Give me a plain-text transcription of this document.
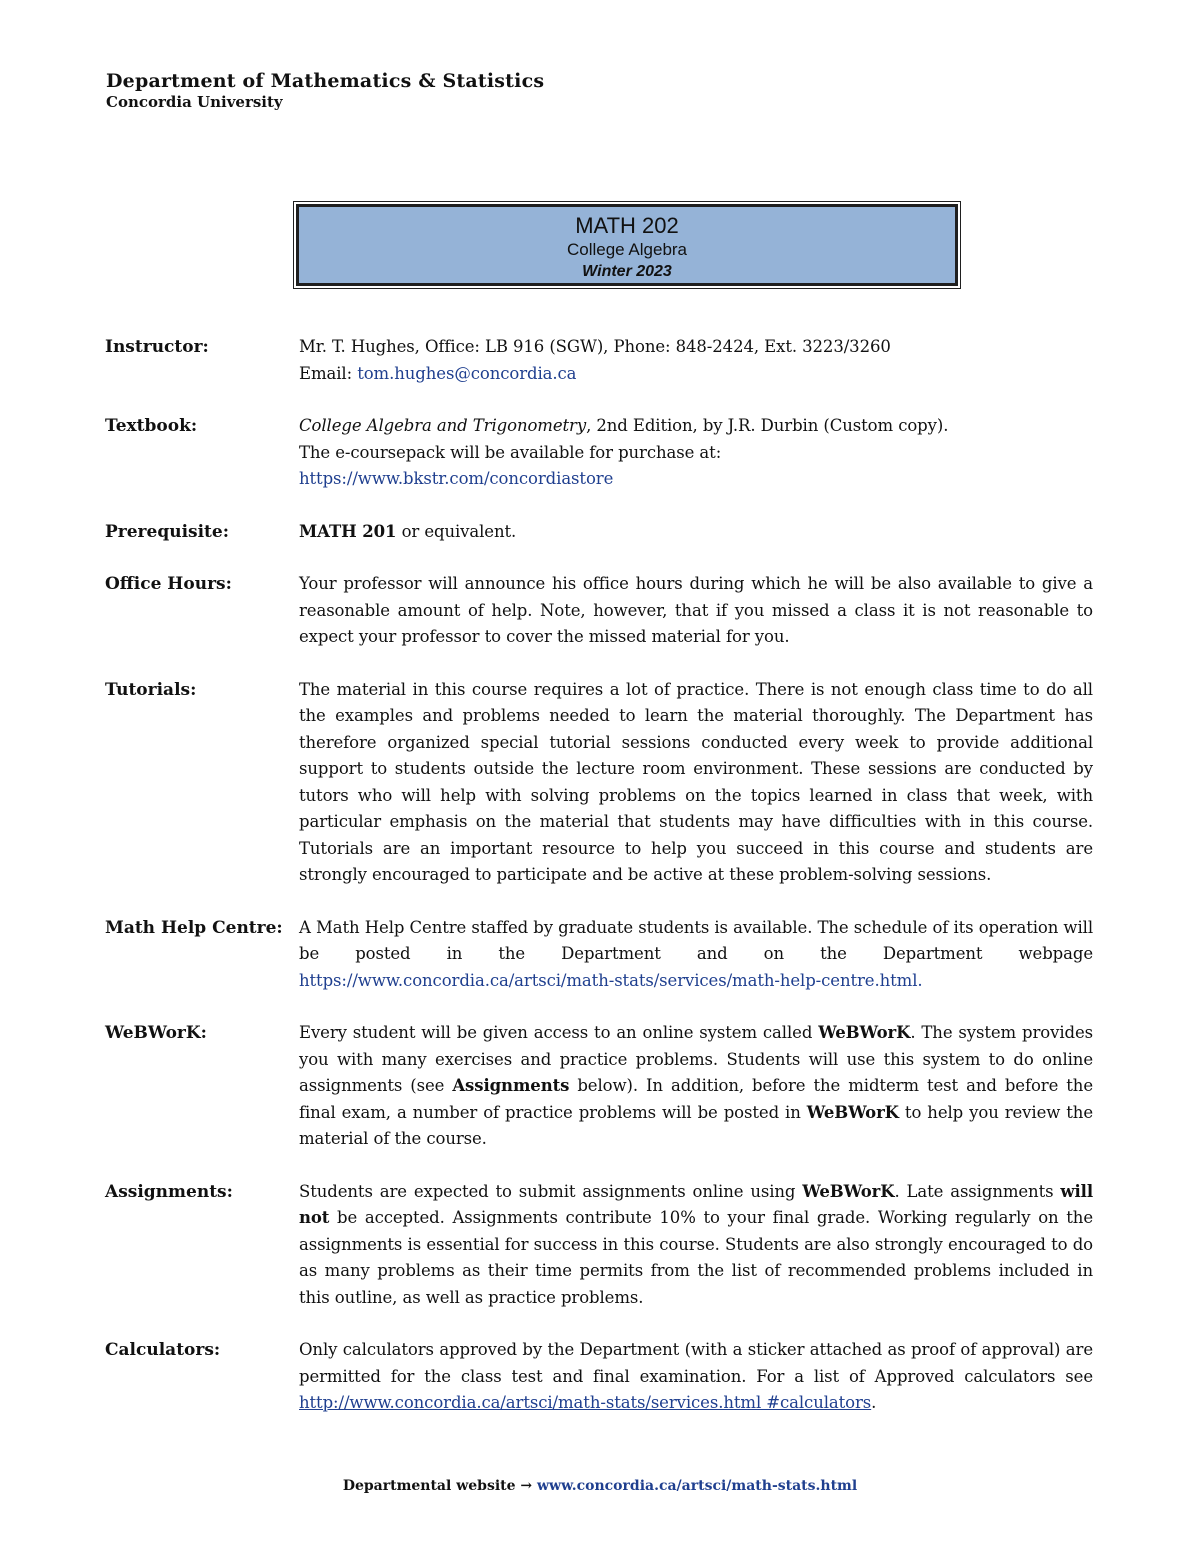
Department of Mathematics & Statistics
Concordia University
MATH 202
College Algebra
Winter 2023
Instructor:	Mr. T. Hughes, Office: LB 916 (SGW), Phone: 848-2424, Ext. 3223/3260

Email: tom.hughes@concordia.ca

Textbook:	College Algebra and Trigonometry, 2nd Edition, by J.R. Durbin (Custom copy).

The e-coursepack will be available for purchase at:

https://www.bkstr.com/concordiastore

Prerequisite:	MATH 201 or equivalent.

Office Hours:	Your professor will announce his office hours during which he will be also available to give a reasonable amount of help. Note, however, that if you missed a class it is not reasonable to expect your professor to cover the missed material for you.
Tutorials:	The material in this course requires a lot of practice. There is not enough class time to do all the examples and problems needed to learn the material thoroughly. The Department has therefore organized special tutorial sessions conducted every week to provide additional support to students outside the lecture room environment. These sessions are conducted by tutors who will help with solving problems on the topics learned in class that week, with particular emphasis on the material that students may have difficulties with in this course. Tutorials are an important resource to help you succeed in this course and students are strongly encouraged to participate and be active at these problem-solving sessions.
Math Help Centre: A Math Help Centre staffed by graduate students is available. The schedule of its operation will be posted in the Department and on the Department webpage https://www.concordia.ca/artsci/math-stats/services/math-help-centre.html.
WeBWorK:	Every student will be given access to an online system called WeBWorK. The system provides you with many exercises and practice problems. Students will use this system to do online assignments (see Assignments below). In addition, before the midterm test and before the final exam, a number of practice problems will be posted in WeBWorK to help you review the material of the course.
Assignments:	Students are expected to submit assignments online using WeBWorK. Late assignments will not be accepted. Assignments contribute 10% to your final grade. Working regularly on the assignments is essential for success in this course. Students are also strongly encouraged to do as many problems as their time permits from the list of recommended problems included in this outline, as well as practice problems.
Calculators:	Only calculators approved by the Department (with a sticker attached as proof of approval) are permitted for the class test and final examination. For a list of Approved calculators see http://www.concordia.ca/artsci/math-stats/services.html #calculators.
Departmental website → www.concordia.ca/artsci/math-stats.html
